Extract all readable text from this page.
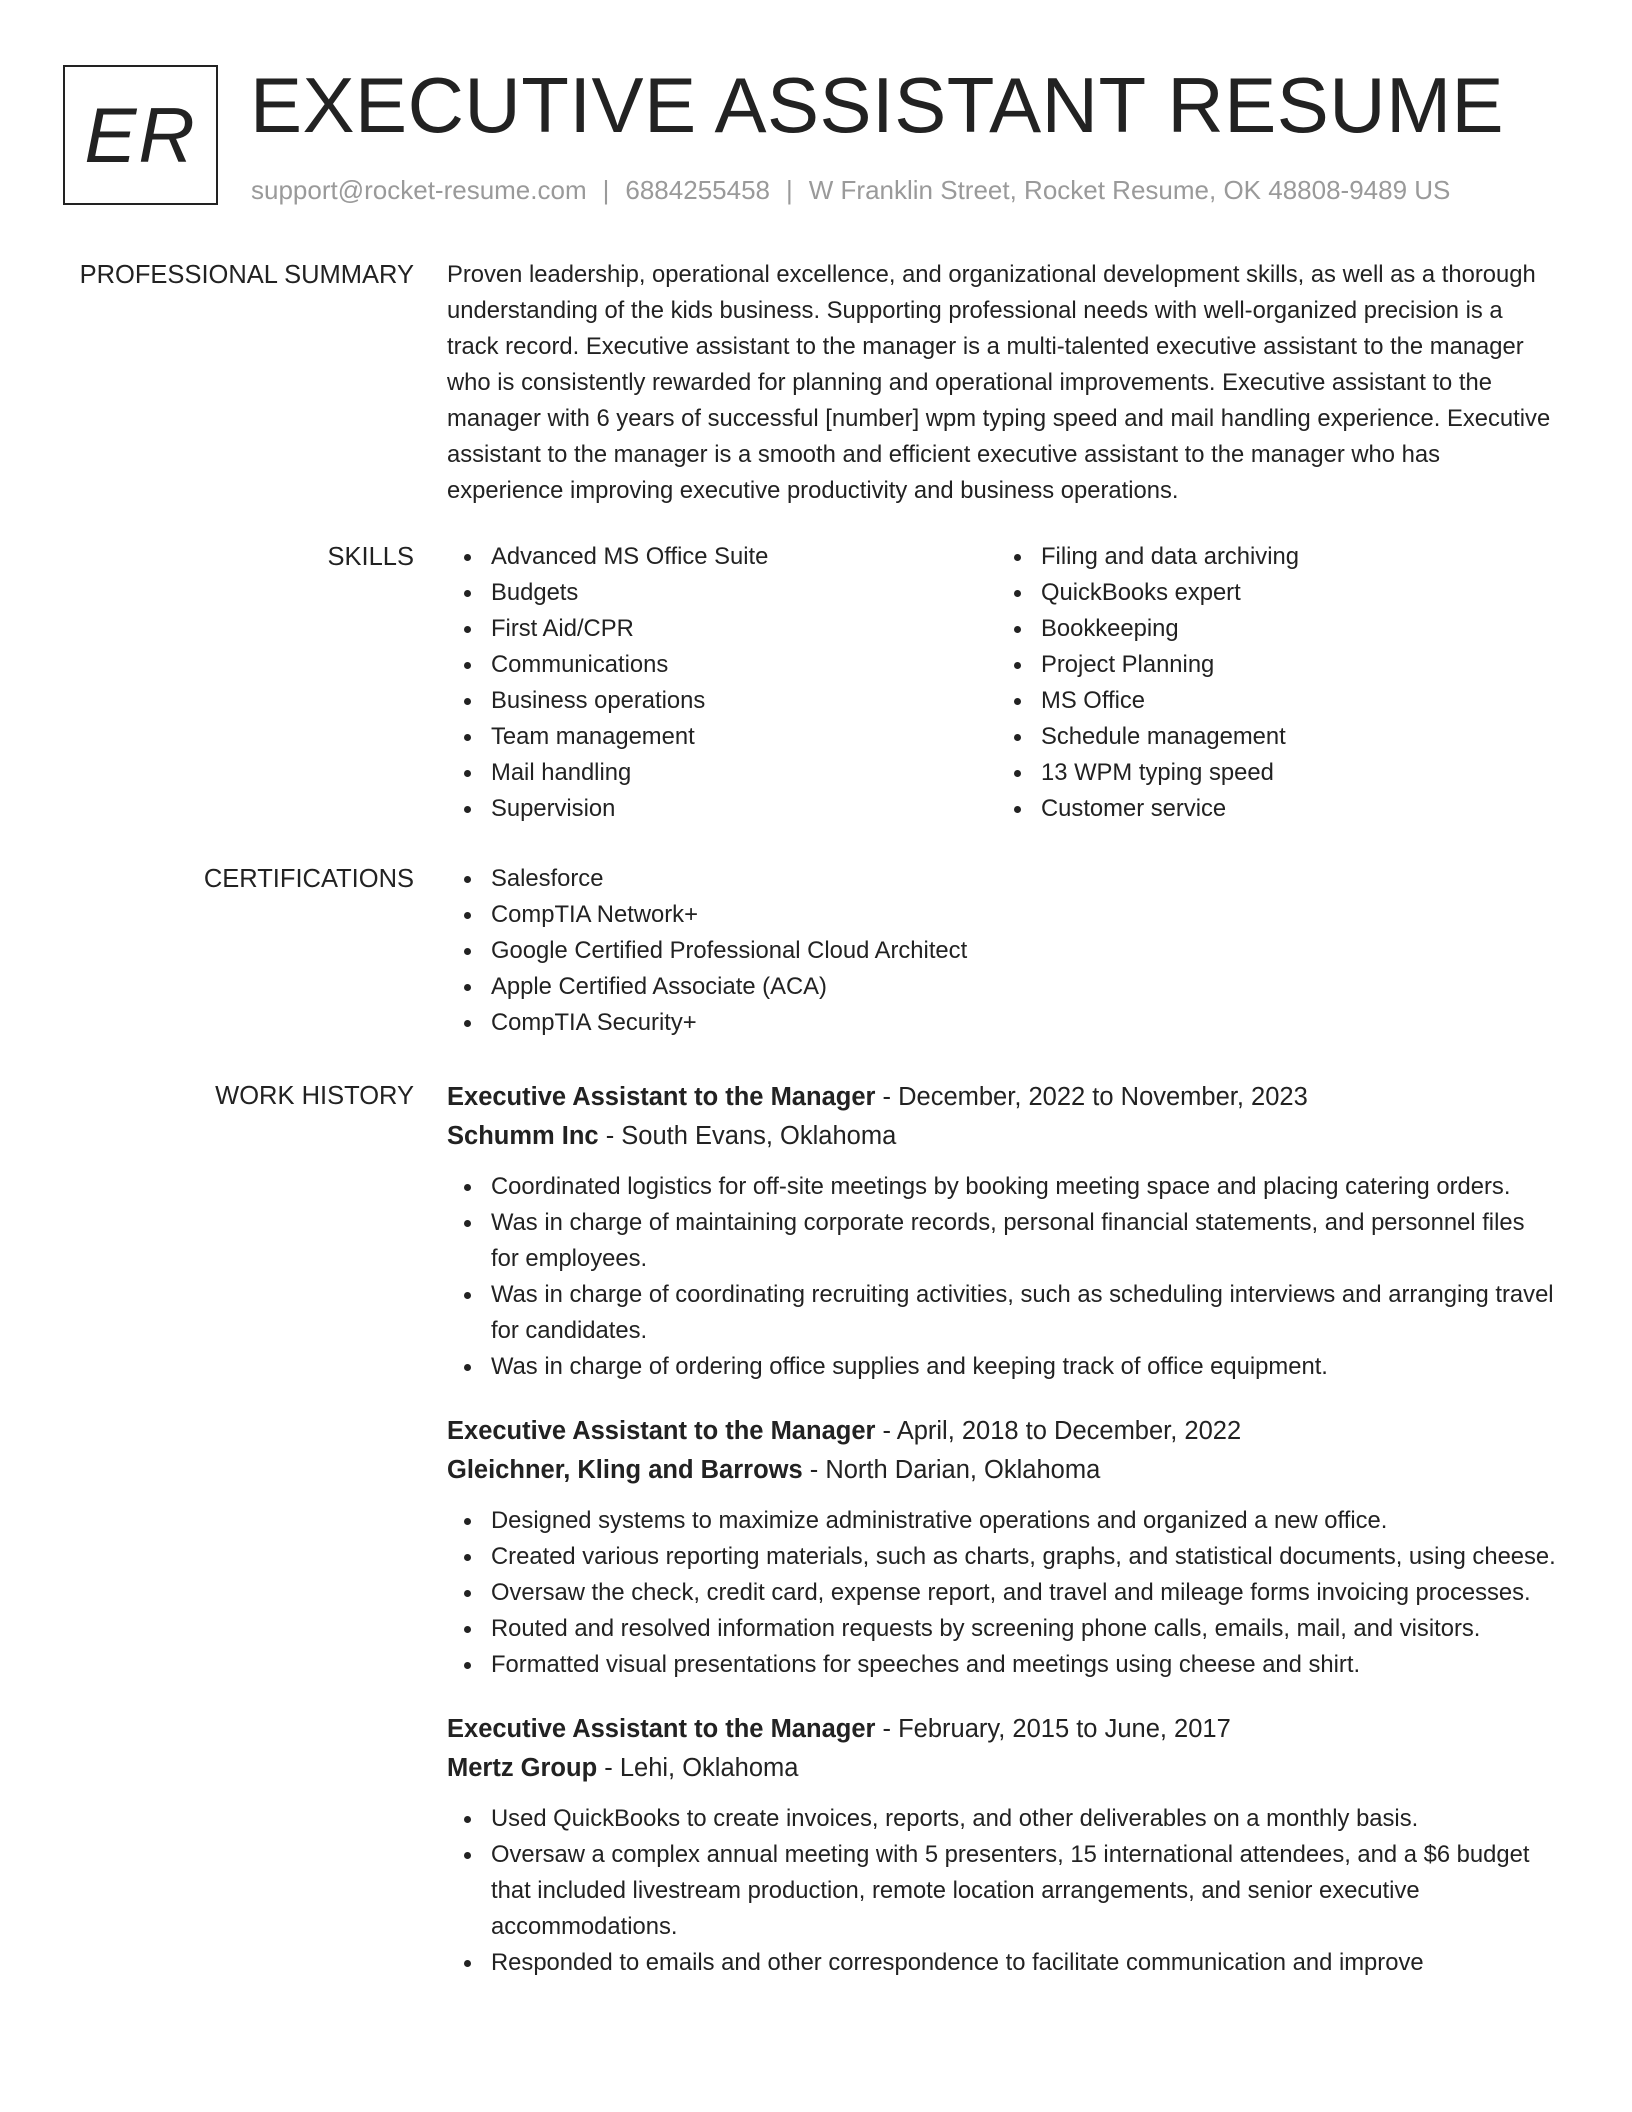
ER EXECUTIVE ASSISTANT RESUME
support@rocket-resume.com | 6884255458 | W Franklin Street, Rocket Resume, OK 48808-9489 US
PROFESSIONAL SUMMARY Proven leadership, operational excellence, and organizational development skills, as well as a thorough understanding of the kids business. Supporting professional needs with well-organized precision is a track record. Executive assistant to the manager is a multi-talented executive assistant to the manager who is consistently rewarded for planning and operational improvements. Executive assistant to the manager with 6 years of successful [number] wpm typing speed and mail handling experience. Executive assistant to the manager is a smooth and efficient executive assistant to the manager who has experience improving executive productivity and business operations.

SKILLS	Advanced MS Office Suite
Budgets
First Aid/CPR
Communications
Business operations
Team management
Mail handling
Supervision
Filing and data archiving
QuickBooks expert
Bookkeeping
Project Planning
MS Office
Schedule management
13 WPM typing speed
Customer service
CERTIFICATIONS	Salesforce
CompTIA Network+
Google Certified Professional Cloud Architect
Apple Certified Associate (ACA)
CompTIA Security+
WORK HISTORY Executive Assistant to the Manager - December, 2022 to November, 2023
Schumm Inc - South Evans, Oklahoma
Coordinated logistics for off-site meetings by booking meeting space and placing catering orders.
Was in charge of maintaining corporate records, personal financial statements, and personnel files for employees.
Was in charge of coordinating recruiting activities, such as scheduling interviews and arranging travel for candidates.
Was in charge of ordering office supplies and keeping track of office equipment.
Executive Assistant to the Manager - April, 2018 to December, 2022
Gleichner, Kling and Barrows - North Darian, Oklahoma
Designed systems to maximize administrative operations and organized a new office.
Created various reporting materials, such as charts, graphs, and statistical documents, using cheese.
Oversaw the check, credit card, expense report, and travel and mileage forms invoicing processes.
Routed and resolved information requests by screening phone calls, emails, mail, and visitors.
Formatted visual presentations for speeches and meetings using cheese and shirt.
Executive Assistant to the Manager - February, 2015 to June, 2017
Mertz Group - Lehi, Oklahoma
Used QuickBooks to create invoices, reports, and other deliverables on a monthly basis.
Oversaw a complex annual meeting with 5 presenters, 15 international attendees, and a $6 budget that included livestream production, remote location arrangements, and senior executive accommodations.
Responded to emails and other correspondence to facilitate communication and improve
